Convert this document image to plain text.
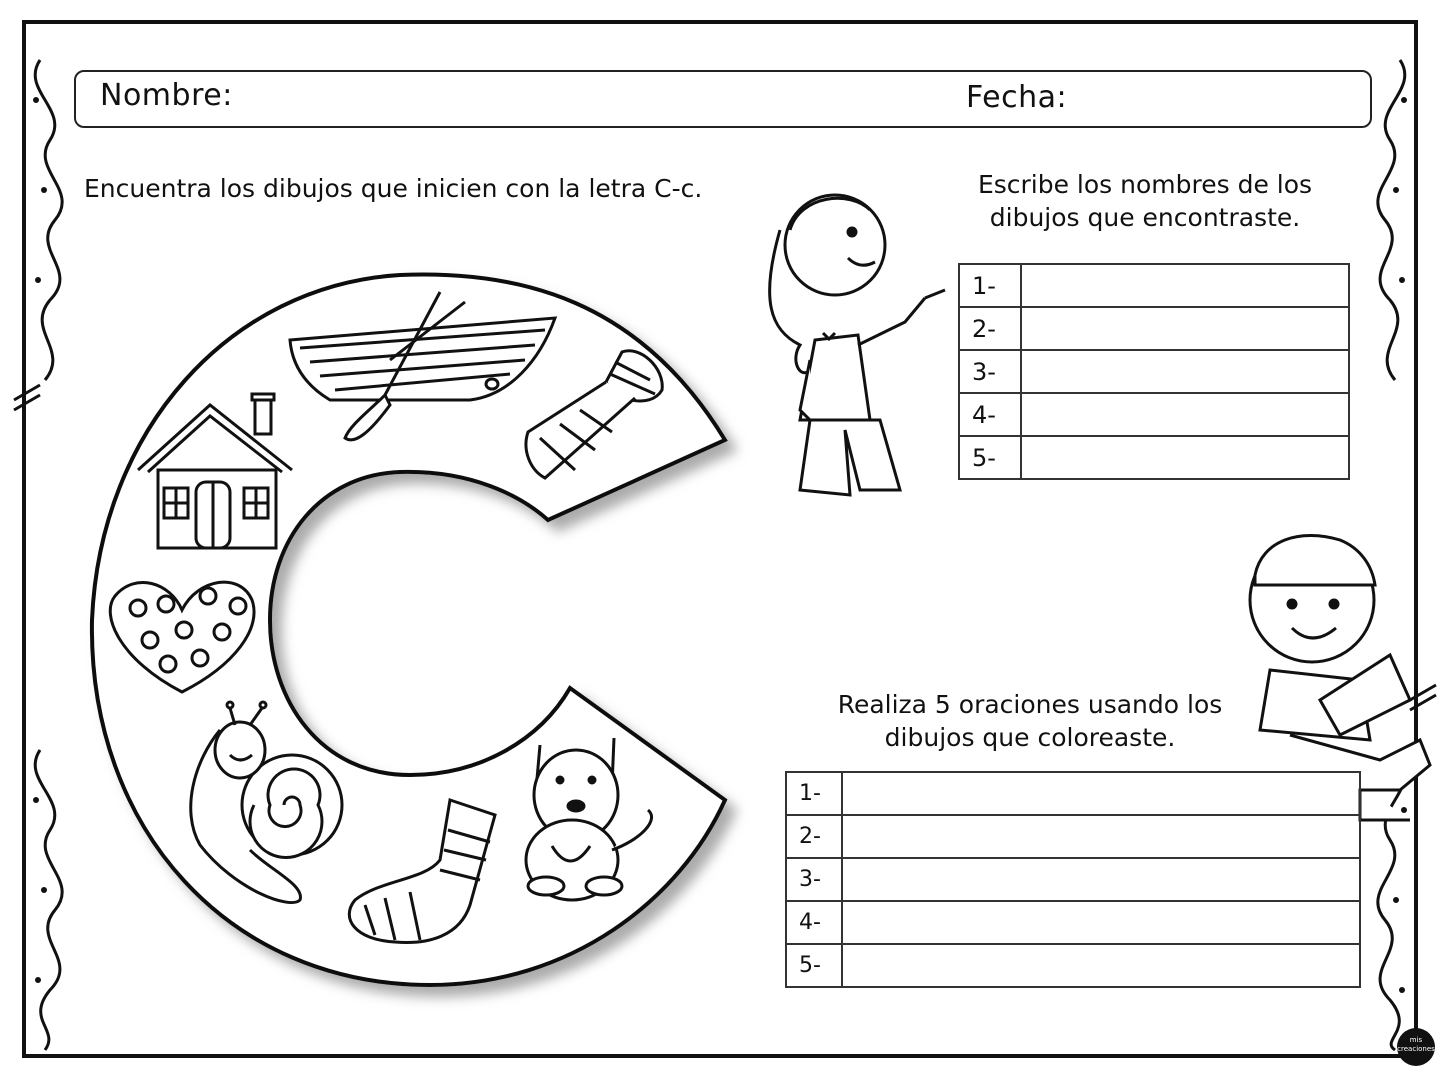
Nombre:	Fecha:
Encuentra los dibujos que inicien con la letra C-c.	Escribe los nombres de los
dibujos que encontraste.
Realiza 5 oraciones usando los
dibujos que coloreaste.
1-	
2-	
3-	
4-	
5-	
1-	
2-	
3-	
4-	
5-	
mis creaciones
